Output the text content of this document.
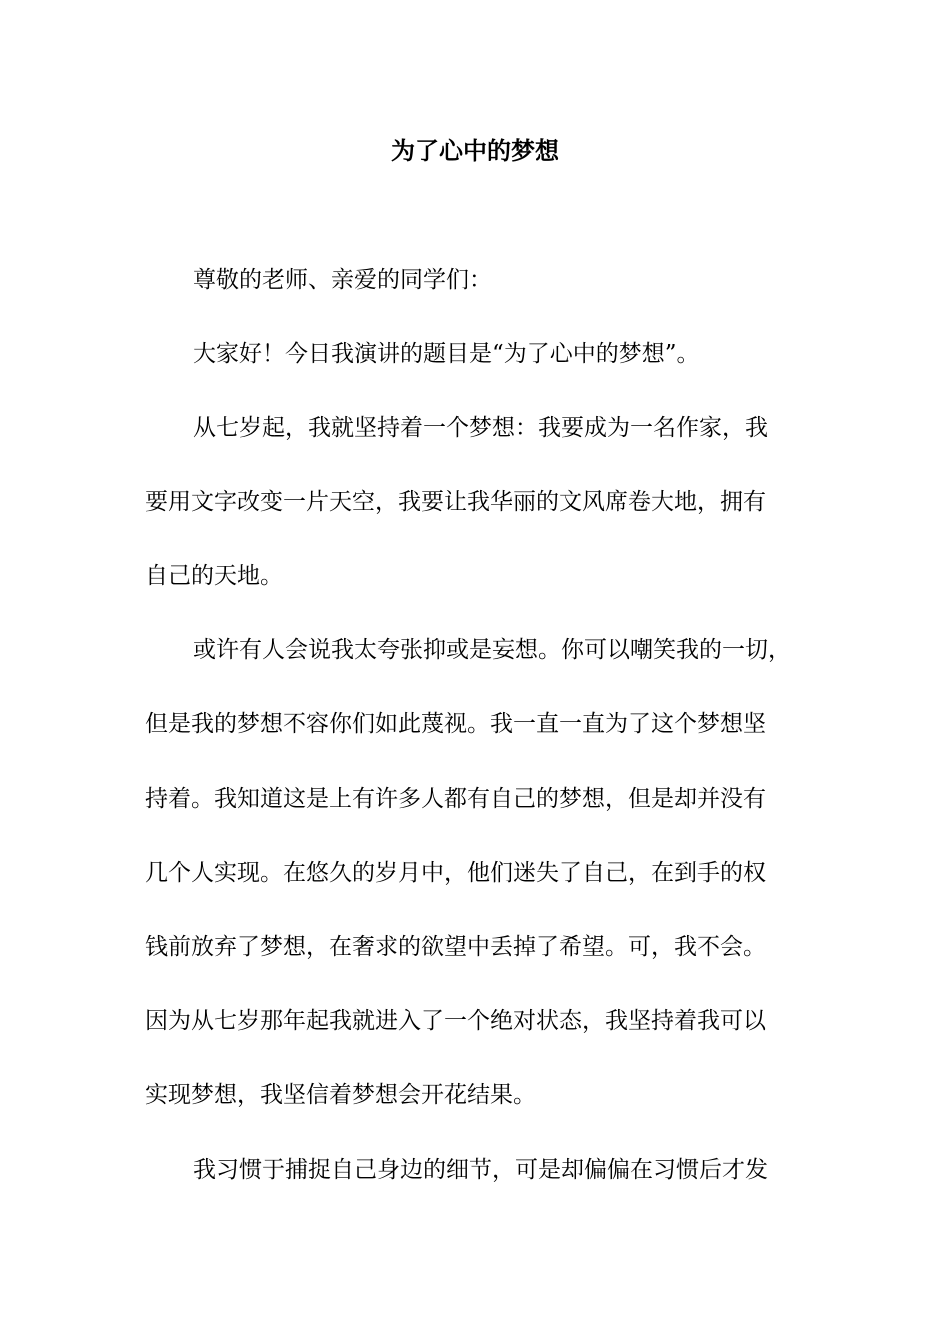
为了心中的梦想
尊敬的老师、亲爱的同学们：
大家好！今日我演讲的题目是“为了心中的梦想”。
从七岁起，我就坚持着一个梦想：我要成为一名作家，我
要用文字改变一片天空，我要让我华丽的文风席卷大地，拥有
自己的天地。
或许有人会说我太夸张抑或是妄想。你可以嘲笑我的一切，
但是我的梦想不容你们如此蔑视。我一直一直为了这个梦想坚
持着。我知道这是上有许多人都有自己的梦想，但是却并没有
几个人实现。在悠久的岁月中，他们迷失了自己，在到手的权
钱前放弃了梦想，在奢求的欲望中丢掉了希望。可，我不会。
因为从七岁那年起我就进入了一个绝对状态，我坚持着我可以
实现梦想，我坚信着梦想会开花结果。
我习惯于捕捉自己身边的细节，可是却偏偏在习惯后才发
